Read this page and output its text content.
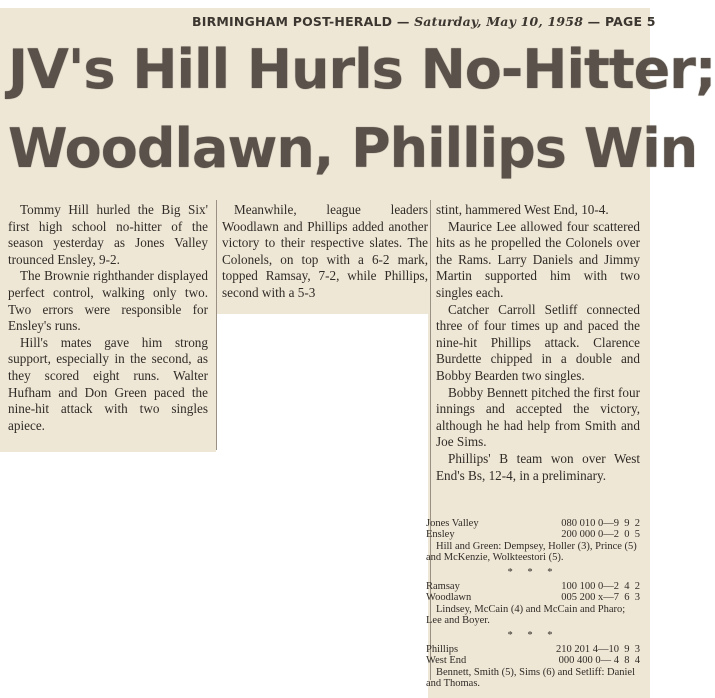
BIRMINGHAM POST-HERALD — Saturday, May 10, 1958 — PAGE 5
JV's Hill Hurls No-Hitter;
Woodlawn, Phillips Win

Tommy Hill hurled the Big Six' first high school no-hitter of the season yesterday as Jones Valley trounced Ensley, 9-2.

The Brownie righthander displayed perfect control, walking only two. Two errors were responsible for Ensley's runs.

Hill's mates gave him strong support, especially in the second, as they scored eight runs. Walter Hufham and Don Green paced the nine-hit attack with two singles apiece.

Meanwhile, league leaders Woodlawn and Phillips added another victory to their respective slates. The Colonels, on top with a 6-2 mark, topped Ramsay, 7-2, while Phillips, second with a 5-3

stint, hammered West End, 10-4.

Maurice Lee allowed four scattered hits as he propelled the Colonels over the Rams. Larry Daniels and Jimmy Martin supported him with two singles each.

Catcher Carroll Setliff connected three of four times up and paced the nine-hit Phillips attack. Clarence Burdette chipped in a double and Bobby Bearden two singles.

Bobby Bennett pitched the first four innings and accepted the victory, although he had help from Smith and Joe Sims.

Phillips' B team won over West End's Bs, 12-4, in a preliminary.

Jones Valley	080 010 0—9 9 2
Ensley	200 000 0—2 0 5
Hill and Green: Dempsey, Holler (3), Prince (5) and McKenzie, Wolkteestori (5).
* * *
Ramsay	100 100 0—2 4 2
Woodlawn	005 200 x—7 6 3
Lindsey, McCain (4) and McCain and Pharo; Lee and Boyer.
* * *
Phillips	210 201 4—10 9 3
West End	000 400 0— 4 8 4
Bennett, Smith (5), Sims (6) and Setliff: Daniel and Thomas.
